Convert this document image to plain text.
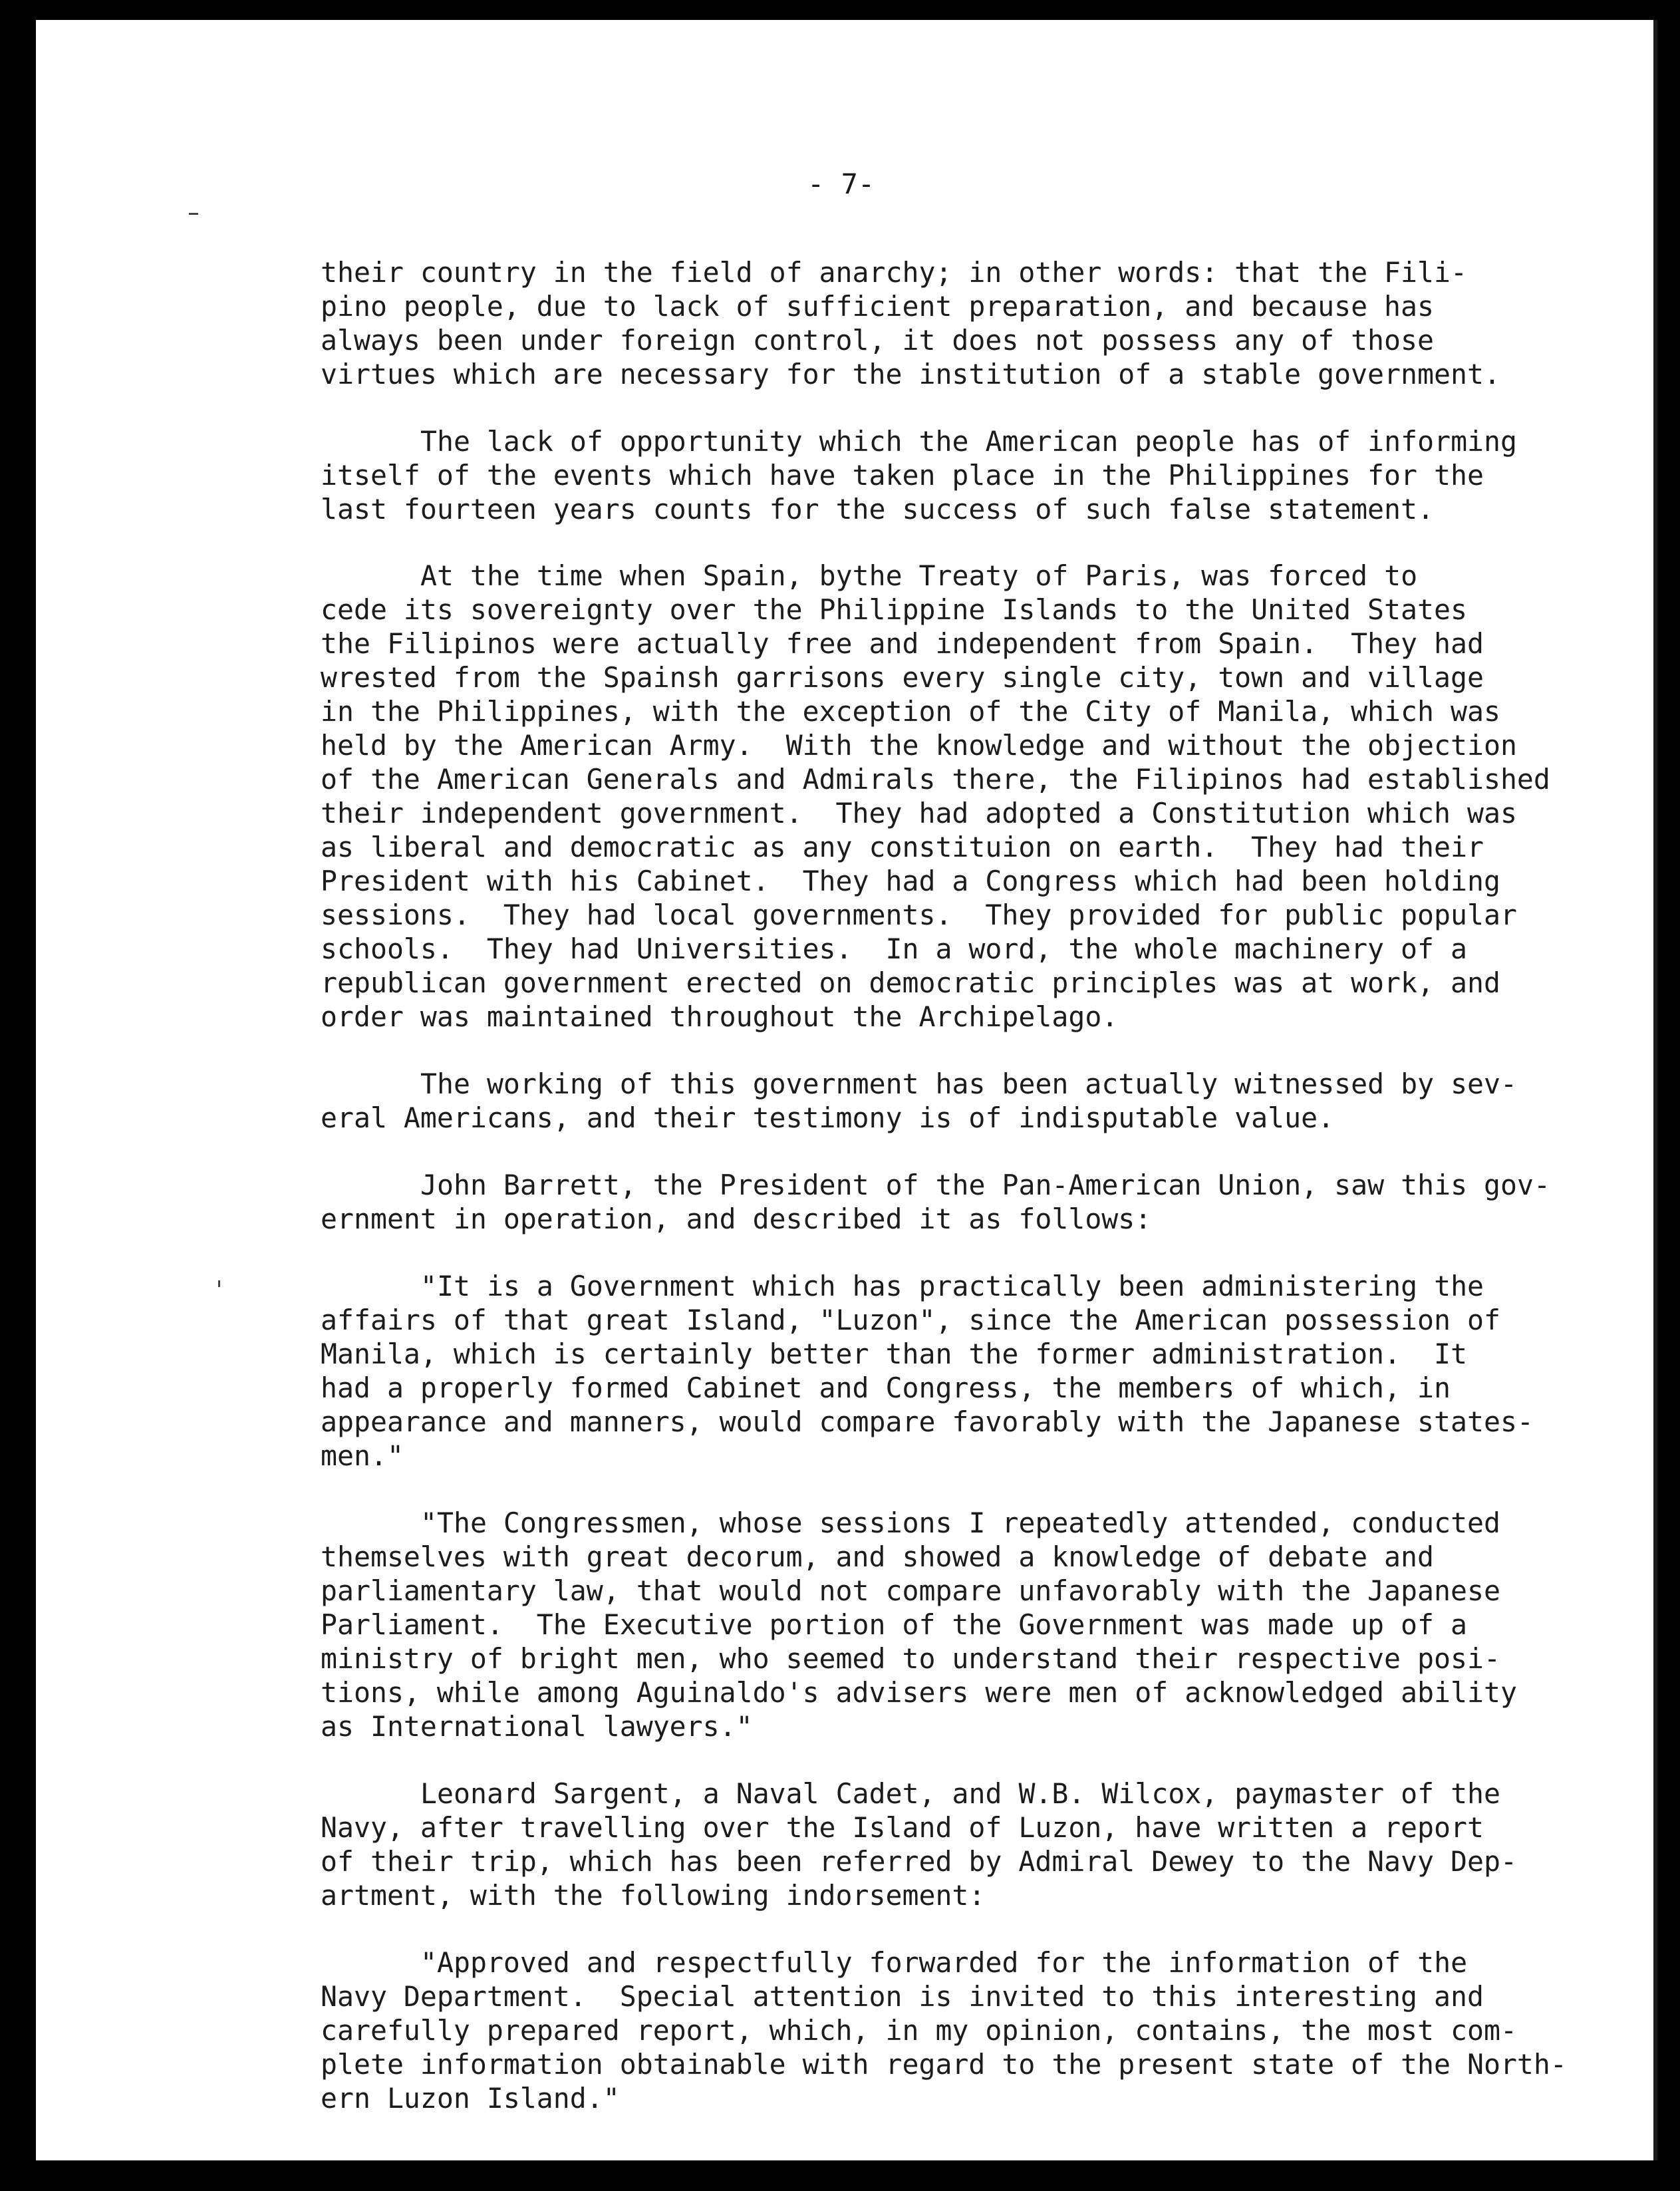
- 7-

their country in the field of anarchy; in other words: that the Fili-

pino people, due to lack of sufficient preparation, and because has

always been under foreign control, it does not possess any of those

virtues which are necessary for the institution of a stable government.

The lack of opportunity which the American people has of informing

itself of the events which have taken place in the Philippines for the

last fourteen years counts for the success of such false statement.

At the time when Spain, bythe Treaty of Paris, was forced to

cede its sovereignty over the Philippine Islands to the United States

the Filipinos were actually free and independent from Spain.  They had

wrested from the Spainsh garrisons every single city, town and village

in the Philippines, with the exception of the City of Manila, which was

held by the American Army.  With the knowledge and without the objection

of the American Generals and Admirals there, the Filipinos had established

their independent government.  They had adopted a Constitution which was

as liberal and democratic as any constituion on earth.  They had their

President with his Cabinet.  They had a Congress which had been holding

sessions.  They had local governments.  They provided for public popular

schools.  They had Universities.  In a word, the whole machinery of a

republican government erected on democratic principles was at work, and

order was maintained throughout the Archipelago.

The working of this government has been actually witnessed by sev-

eral Americans, and their testimony is of indisputable value.

John Barrett, the President of the Pan-American Union, saw this gov-

ernment in operation, and described it as follows:

"It is a Government which has practically been administering the

affairs of that great Island, "Luzon", since the American possession of

Manila, which is certainly better than the former administration.  It

had a properly formed Cabinet and Congress, the members of which, in

appearance and manners, would compare favorably with the Japanese states-

men."

"The Congressmen, whose sessions I repeatedly attended, conducted

themselves with great decorum, and showed a knowledge of debate and

parliamentary law, that would not compare unfavorably with the Japanese

Parliament.  The Executive portion of the Government was made up of a

ministry of bright men, who seemed to understand their respective posi-

tions, while among Aguinaldo's advisers were men of acknowledged ability

as International lawyers."

Leonard Sargent, a Naval Cadet, and W.B. Wilcox, paymaster of the

Navy, after travelling over the Island of Luzon, have written a report

of their trip, which has been referred by Admiral Dewey to the Navy Dep-

artment, with the following indorsement:

"Approved and respectfully forwarded for the information of the

Navy Department.  Special attention is invited to this interesting and

carefully prepared report, which, in my opinion, contains, the most com-

plete information obtainable with regard to the present state of the North-

ern Luzon Island."
